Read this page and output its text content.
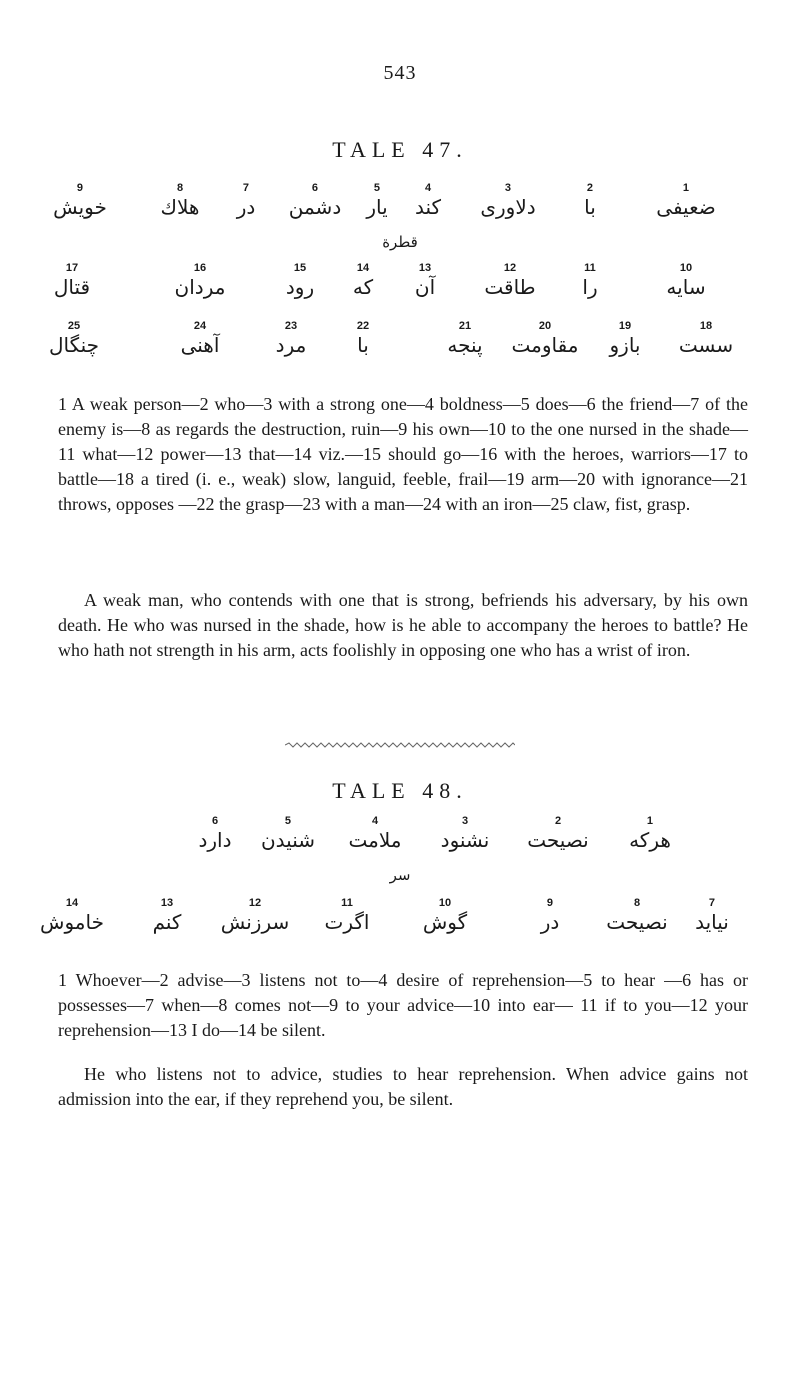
543
TALE 47.
9
خویش
8
هلاك
7
در
6
دشمن
5
یار
4
کند
3
دلاوری
2
با
1
ضعیفی
قطرة
17
قتال
16
مردان
15
رود
14
که
13
آن
12
طاقت
11
را
10
سایه
25
چنگال
24
آهنی
23
مرد
22
با
21
پنجه
20
مقاومت
19
بازو
18
سست
1 A weak person—2 who—3 with a strong one—4 boldness—5 does—6 the friend—7 of the enemy is—8 as regards the destruction, ruin—9 his own—10 to the one nursed in the shade—11 what—12 power—13 that—14 viz.—15 should go—16 with the heroes, warriors—17 to battle—18 a tired (i. e., weak) slow, languid, feeble, frail—19 arm—20 with ignorance—21 throws, opposes —22 the grasp—23 with a man—24 with an iron—25 claw, fist, grasp.
A weak man, who contends with one that is strong, befriends his adversary, by his own death. He who was nursed in the shade, how is he able to accompany the heroes to battle? He who hath not strength in his arm, acts foolishly in opposing one who has a wrist of iron.
TALE 48.
6
دارد
5
شنیدن
4
ملامت
3
نشنود
2
نصیحت
1
هرکه
سر
14
خاموش
13
کنم
12
سرزنش
11
اگرت
10
گوش
9
در
8
نصیحت
7
نیاید
1 Whoever—2 advise—3 listens not to—4 desire of reprehension—5 to hear —6 has or possesses—7 when—8 comes not—9 to your advice—10 into ear— 11 if to you—12 your reprehension—13 I do—14 be silent.
He who listens not to advice, studies to hear reprehension. When advice gains not admission into the ear, if they reprehend you, be silent.
